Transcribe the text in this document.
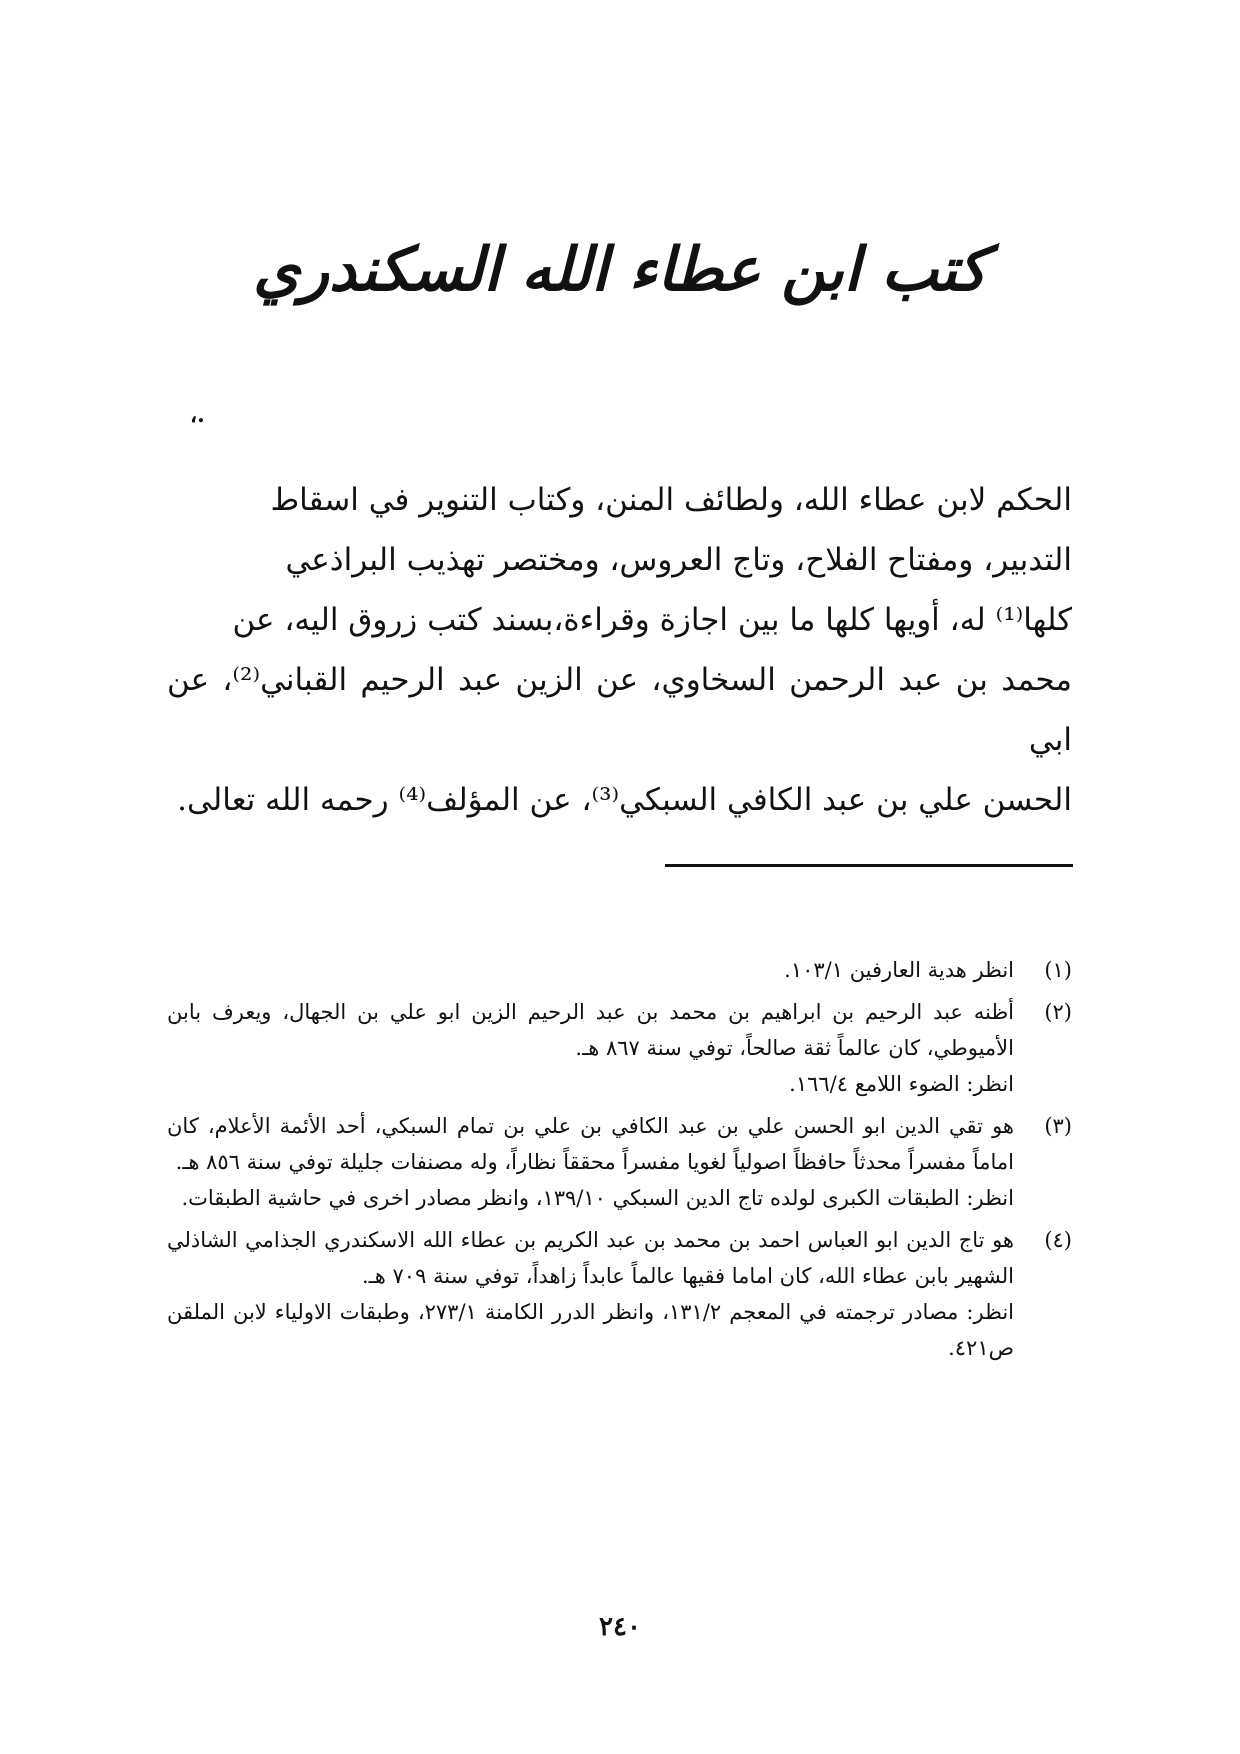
كتب ابن عطاء الله السكندري
.،
الحكم لابن عطاء الله، ولطائف المنن، وكتاب التنوير في اسقاط
التدبير، ومفتاح الفلاح، وتاج العروس، ومختصر تهذيب البراذعي
كلها⁽¹⁾ له، أويها كلها ما بين اجازة وقراءة،بسند كتب زروق اليه، عن
محمد بن عبد الرحمن السخاوي، عن الزين عبد الرحيم القباني⁽²⁾، عن ابي
الحسن علي بن عبد الكافي السبكي⁽³⁾، عن المؤلف⁽⁴⁾ رحمه الله تعالى.
(١)

انظر هدية العارفين ١٠٣/١.

(٢)

أظنه عبد الرحيم بن ابراهيم بن محمد بن عبد الرحيم الزين ابو علي بن الجهال، ويعرف بابن الأميوطي، كان عالماً ثقة صالحاً، توفي سنة ٨٦٧ هـ.

انظر: الضوء اللامع ١٦٦/٤.

(٣)

هو تقي الدين ابو الحسن علي بن عبد الكافي بن علي بن تمام السبكي، أحد الأئمة الأعلام، كان اماماً مفسراً محدثاً حافظاً اصولياً لغويا مفسراً محققاً نظاراً، وله مصنفات جليلة توفي سنة ٨٥٦ هـ.

انظر: الطبقات الكبرى لولده تاج الدين السبكي ١٣٩/١٠، وانظر مصادر اخرى في حاشية الطبقات.

(٤)

هو تاج الدين ابو العباس احمد بن محمد بن عبد الكريم بن عطاء الله الاسكندري الجذامي الشاذلي الشهير بابن عطاء الله، كان اماما فقيها عالماً عابداً زاهداً، توفي سنة ٧٠٩ هـ.

انظر: مصادر ترجمته في المعجم ١٣١/٢، وانظر الدرر الكامنة ٢٧٣/١، وطبقات الاولياء لابن الملقن ص٤٢١.

٢٤٠
